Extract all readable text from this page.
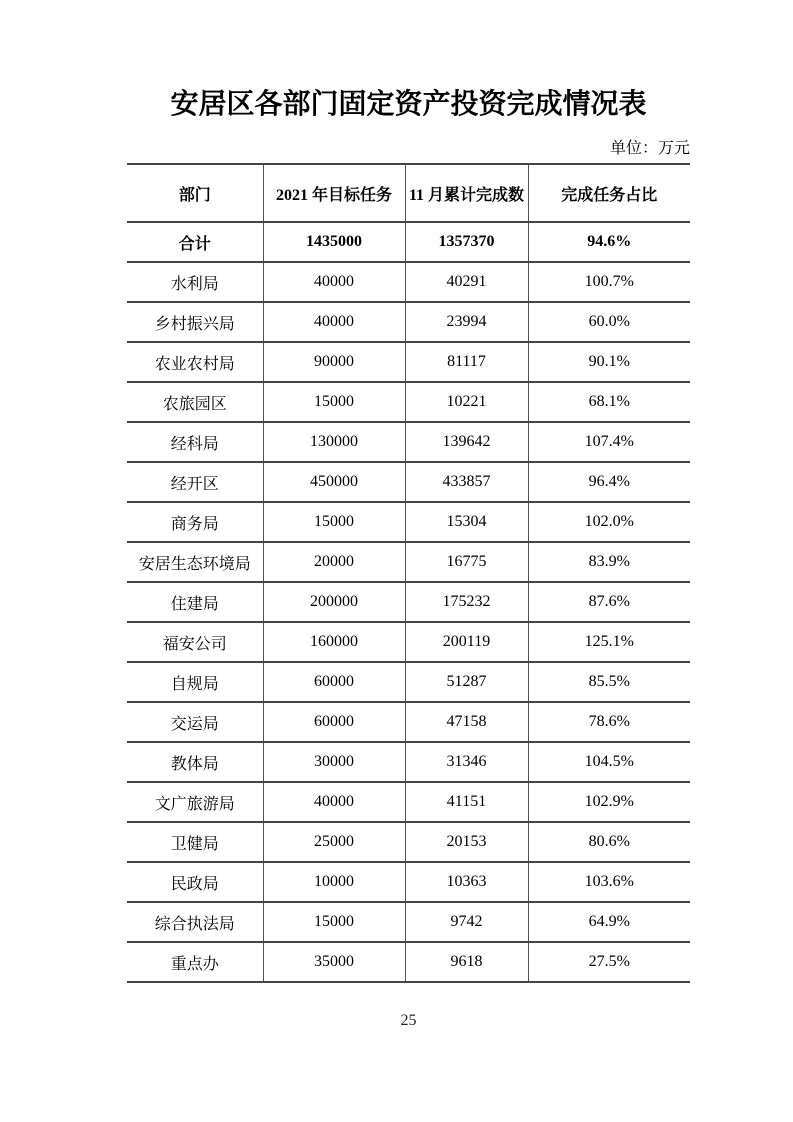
安居区各部门固定资产投资完成情况表
单位：万元
部门	2021 年目标任务	11 月累计完成数	完成任务占比
合计	1435000	1357370	94.6%
水利局	40000	40291	100.7%
乡村振兴局	40000	23994	60.0%
农业农村局	90000	81117	90.1%
农旅园区	15000	10221	68.1%
经科局	130000	139642	107.4%
经开区	450000	433857	96.4%
商务局	15000	15304	102.0%
安居生态环境局	20000	16775	83.9%
住建局	200000	175232	87.6%
福安公司	160000	200119	125.1%
自规局	60000	51287	85.5%
交运局	60000	47158	78.6%
教体局	30000	31346	104.5%
文广旅游局	40000	41151	102.9%
卫健局	25000	20153	80.6%
民政局	10000	10363	103.6%
综合执法局	15000	9742	64.9%
重点办	35000	9618	27.5%
25
